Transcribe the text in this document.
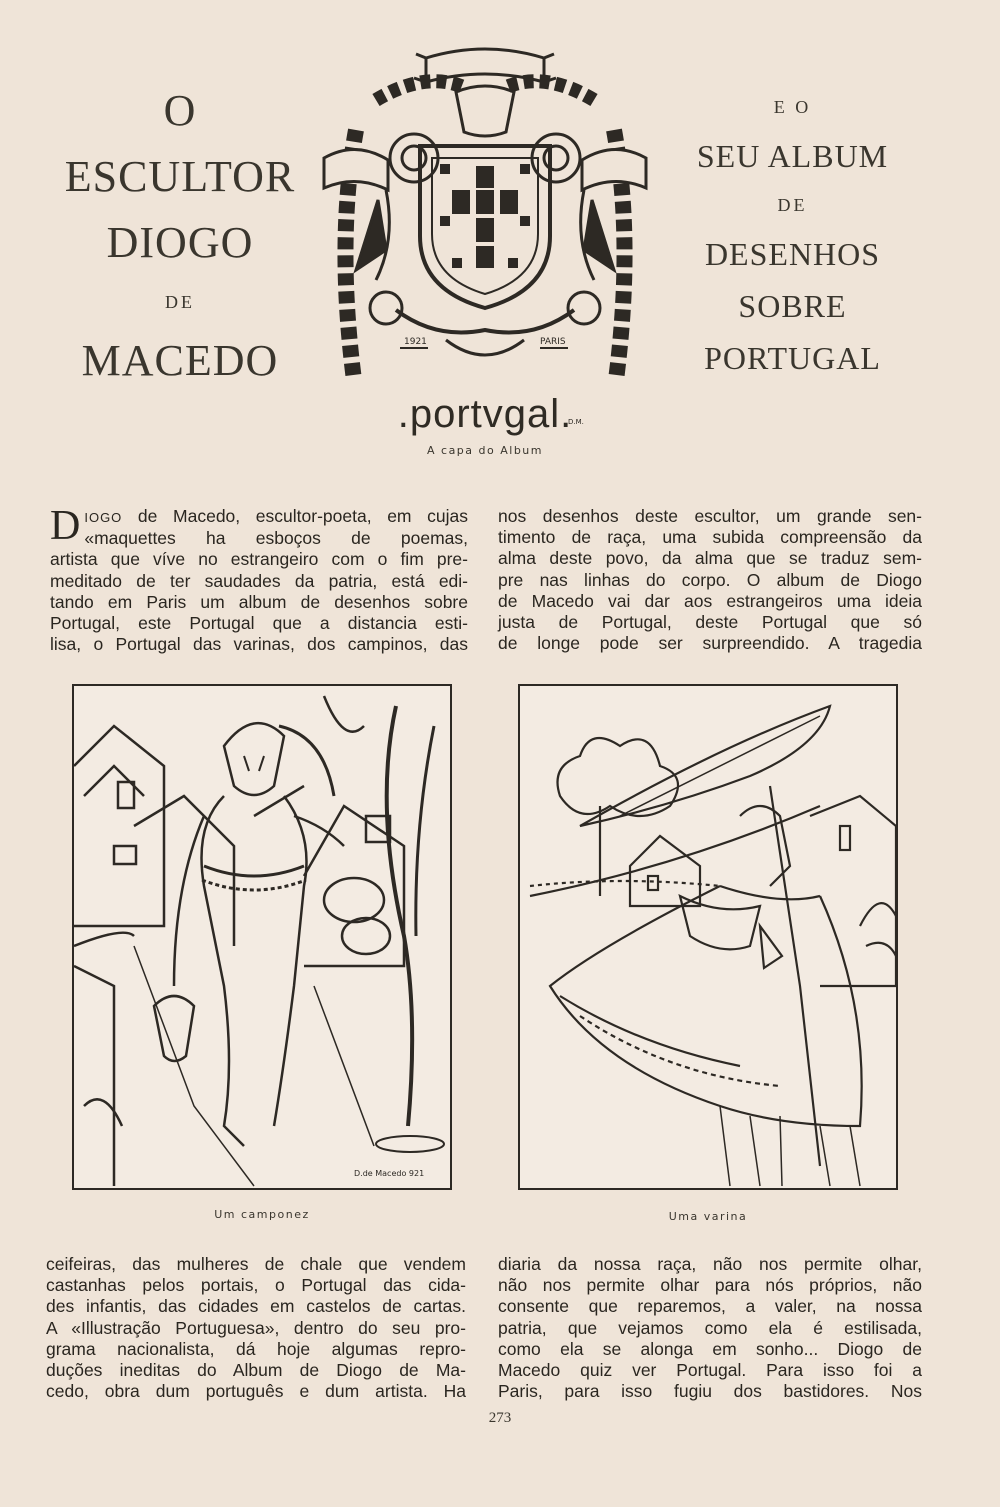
O
ESCULTOR
DIOGO
DE
MACEDO	1921	PARIS
D.M.
.portvgal.
E O
SEU ALBUM
DE
DESENHOS
SOBRE
PORTUGAL
A capa do Album
D IOGO de Macedo, escultor-poeta, em cujas
«maquettes ha esboços de poemas,
artista que víve no estrangeiro com o fim pre-
meditado de ter saudades da patria, está edi-
tando em Paris um album de desenhos sobre
Portugal, este Portugal que a distancia esti-
lisa, o Portugal das varinas, dos campinos, das
nos desenhos deste escultor, um grande sen-
timento de raça, uma subida compreensão da
alma deste povo, da alma que se traduz sem-
pre nas linhas do corpo. O album de Diogo
de Macedo vai dar aos estrangeiros uma ideia
justa de Portugal, deste Portugal que só
de longe pode ser surpreendido. A tragedia
D.de Macedo 921
Um camponez	Uma varina
ceifeiras, das mulheres de chale que vendem
castanhas pelos portais, o Portugal das cida-
des infantis, das cidades em castelos de cartas.
A «Illustração Portuguesa», dentro do seu pro-
grama nacionalista, dá hoje algumas repro-
duções ineditas do Album de Diogo de Ma-
cedo, obra dum português e dum artista. Ha
diaria da nossa raça, não nos permite olhar,
não nos permite olhar para nós próprios, não
consente que reparemos, a valer, na nossa
patria, que vejamos como ela é estilisada,
como ela se alonga em sonho... Diogo de
Macedo quiz ver Portugal. Para isso foi a
Paris, para isso fugiu dos bastidores. Nos
273
